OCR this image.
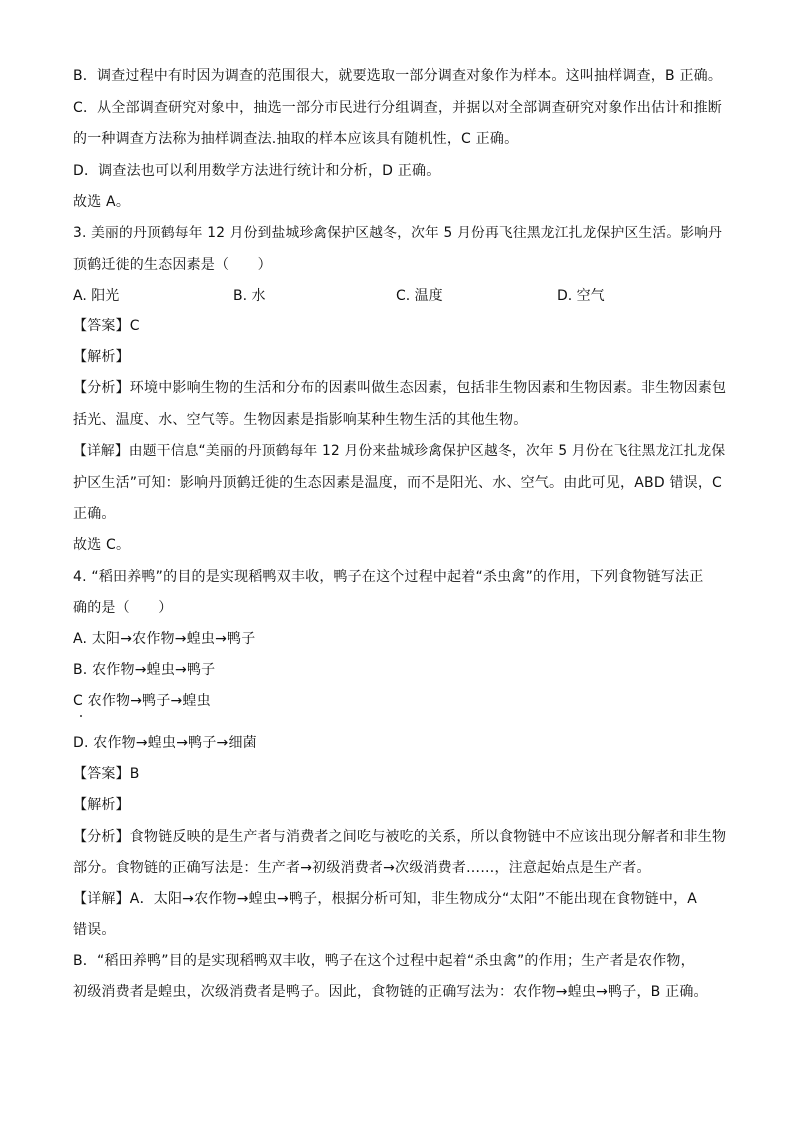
B．调查过程中有时因为调查的范围很大，就要选取一部分调查对象作为样本。这叫抽样调查，B 正确。
C．从全部调查研究对象中，抽选一部分市民进行分组调查，并据以对全部调查研究对象作出估计和推断
的一种调查方法称为抽样调查法.抽取的样本应该具有随机性，C 正确。
D．调查法也可以利用数学方法进行统计和分析，D 正确。
故选 A。
3. 美丽的丹顶鹤每年 12 月份到盐城珍禽保护区越冬，次年 5 月份再飞往黑龙江扎龙保护区生活。影响丹
顶鹤迁徙的生态因素是（　　）
A. 阳光	B. 水	C. 温度	D. 空气
【答案】C
【解析】
【分析】环境中影响生物的生活和分布的因素叫做生态因素，包括非生物因素和生物因素。非生物因素包
括光、温度、水、空气等。生物因素是指影响某种生物生活的其他生物。
【详解】由题干信息“美丽的丹顶鹤每年 12 月份来盐城珍禽保护区越冬，次年 5 月份在飞往黑龙江扎龙保
护区生活”可知：影响丹顶鹤迁徙的生态因素是温度，而不是阳光、水、空气。由此可见，ABD 错误，C
正确。
故选 C。
4. “稻田养鸭”的目的是实现稻鸭双丰收，鸭子在这个过程中起着“杀虫禽”的作用，下列食物链写法正
确的是（　　）
A. 太阳→农作物→蝗虫→鸭子
B. 农作物→蝗虫→鸭子
C 农作物→鸭子→蝗虫
D. 农作物→蝗虫→鸭子→细菌
【答案】B
【解析】
【分析】食物链反映的是生产者与消费者之间吃与被吃的关系，所以食物链中不应该出现分解者和非生物
部分。食物链的正确写法是：生产者→初级消费者→次级消费者……，注意起始点是生产者。
【详解】A．太阳→农作物→蝗虫→鸭子，根据分析可知，非生物成分“太阳”不能出现在食物链中，A
错误。
B．“稻田养鸭”目的是实现稻鸭双丰收，鸭子在这个过程中起着“杀虫禽”的作用；生产者是农作物，
初级消费者是蝗虫，次级消费者是鸭子。因此，食物链的正确写法为：农作物→蝗虫→鸭子，B 正确。
